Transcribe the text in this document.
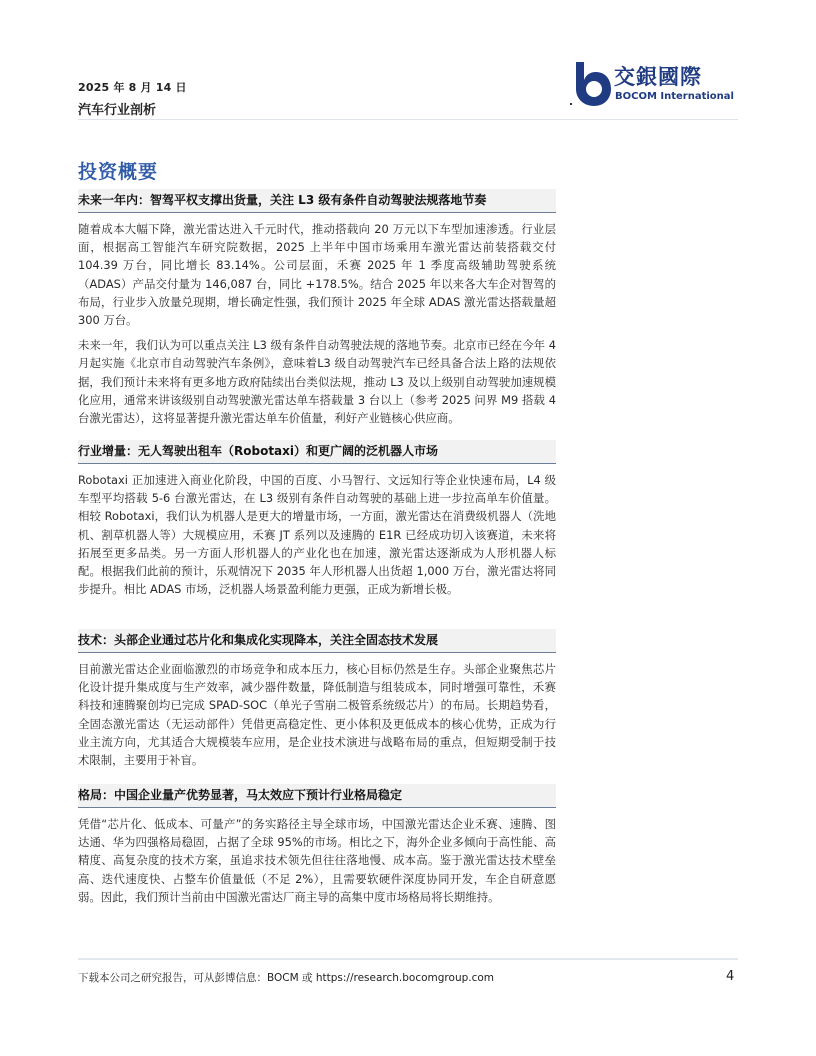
2025 年 8 月 14 日
汽车行业剖析
交銀國際
BOCOM International
投资概要
未来一年内：智驾平权支撑出货量，关注 L3 级有条件自动驾驶法规落地节奏

随着成本大幅下降，激光雷达进入千元时代，推动搭载向 20 万元以下车型加速渗透。行业层面，根据高工智能汽车研究院数据，2025 上半年中国市场乘用车激光雷达前装搭载交付 104.39 万台，同比增长 83.14%。公司层面，禾赛 2025 年 1 季度高级辅助驾驶系统（ADAS）产品交付量为 146,087 台，同比 +178.5%。结合 2025 年以来各大车企对智驾的布局，行业步入放量兑现期，增长确定性强，我们预计 2025 年全球 ADAS 激光雷达搭载量超 300 万台。

未来一年，我们认为可以重点关注 L3 级有条件自动驾驶法规的落地节奏。北京市已经在今年 4 月起实施《北京市自动驾驶汽车条例》，意味着L3 级自动驾驶汽车已经具备合法上路的法规依据，我们预计未来将有更多地方政府陆续出台类似法规，推动 L3 及以上级别自动驾驶加速规模化应用，通常来讲该级别自动驾驶激光雷达单车搭载量 3 台以上（参考 2025 问界 M9 搭载 4 台激光雷达），这将显著提升激光雷达单车价值量，利好产业链核心供应商。

行业增量：无人驾驶出租车（Robotaxi）和更广阔的泛机器人市场

Robotaxi 正加速进入商业化阶段，中国的百度、小马智行、文远知行等企业快速布局，L4 级车型平均搭载 5-6 台激光雷达，在 L3 级别有条件自动驾驶的基础上进一步拉高单车价值量。相较 Robotaxi，我们认为机器人是更大的增量市场，一方面，激光雷达在消费级机器人（洗地机、割草机器人等）大规模应用，禾赛 JT 系列以及速腾的 E1R 已经成功切入该赛道，未来将拓展至更多品类。另一方面人形机器人的产业化也在加速，激光雷达逐渐成为人形机器人标配。根据我们此前的预计，乐观情况下 2035 年人形机器人出货超 1,000 万台，激光雷达将同步提升。相比 ADAS 市场，泛机器人场景盈利能力更强，正成为新增长极。

技术：头部企业通过芯片化和集成化实现降本，关注全固态技术发展

目前激光雷达企业面临激烈的市场竞争和成本压力，核心目标仍然是生存。头部企业聚焦芯片化设计提升集成度与生产效率，减少器件数量，降低制造与组装成本，同时增强可靠性，禾赛科技和速腾聚创均已完成 SPAD-SOC（单光子雪崩二极管系统级芯片）的布局。长期趋势看，全固态激光雷达（无运动部件）凭借更高稳定性、更小体积及更低成本的核心优势，正成为行业主流方向，尤其适合大规模装车应用，是企业技术演进与战略布局的重点，但短期受制于技术限制，主要用于补盲。

格局：中国企业量产优势显著，马太效应下预计行业格局稳定

凭借“芯片化、低成本、可量产”的务实路径主导全球市场，中国激光雷达企业禾赛、速腾、图达通、华为四强格局稳固，占据了全球 95%的市场。相比之下，海外企业多倾向于高性能、高精度、高复杂度的技术方案，虽追求技术领先但往往落地慢、成本高。鉴于激光雷达技术壁垒高、迭代速度快、占整车价值量低（不足 2%），且需要软硬件深度协同开发，车企自研意愿弱。因此，我们预计当前由中国激光雷达厂商主导的高集中度市场格局将长期维持。

下载本公司之研究报告，可从彭博信息：BOCM 或 https://research.bocomgroup.com	4
